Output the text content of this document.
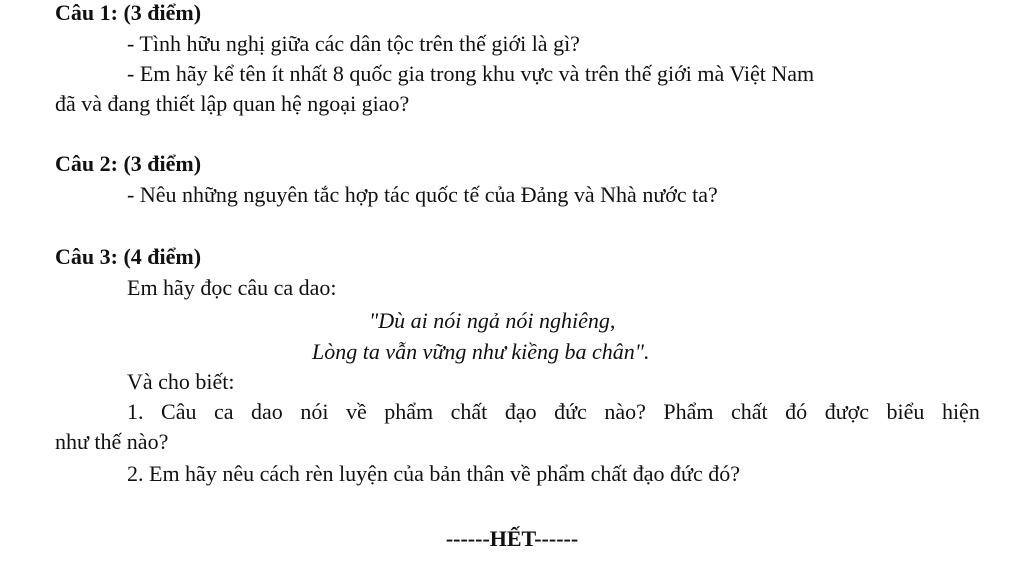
Câu 1: (3 điểm)
- Tình hữu nghị giữa các dân tộc trên thế giới là gì?
- Em hãy kể tên ít nhất 8 quốc gia trong khu vực và trên thế giới mà Việt Nam
đã và đang thiết lập quan hệ ngoại giao?
Câu 2: (3 điểm)
- Nêu những nguyên tắc hợp tác quốc tế của Đảng và Nhà nước ta?
Câu 3: (4 điểm)
Em hãy đọc câu ca dao:
"Dù ai nói ngả nói nghiêng,
Lòng ta vẫn vững như kiềng ba chân".
Và cho biết:
1. Câu ca dao nói về phẩm chất đạo đức nào? Phẩm chất đó được biểu hiện
như thế nào?
2. Em hãy nêu cách rèn luyện của bản thân về phẩm chất đạo đức đó?
------HẾT------
